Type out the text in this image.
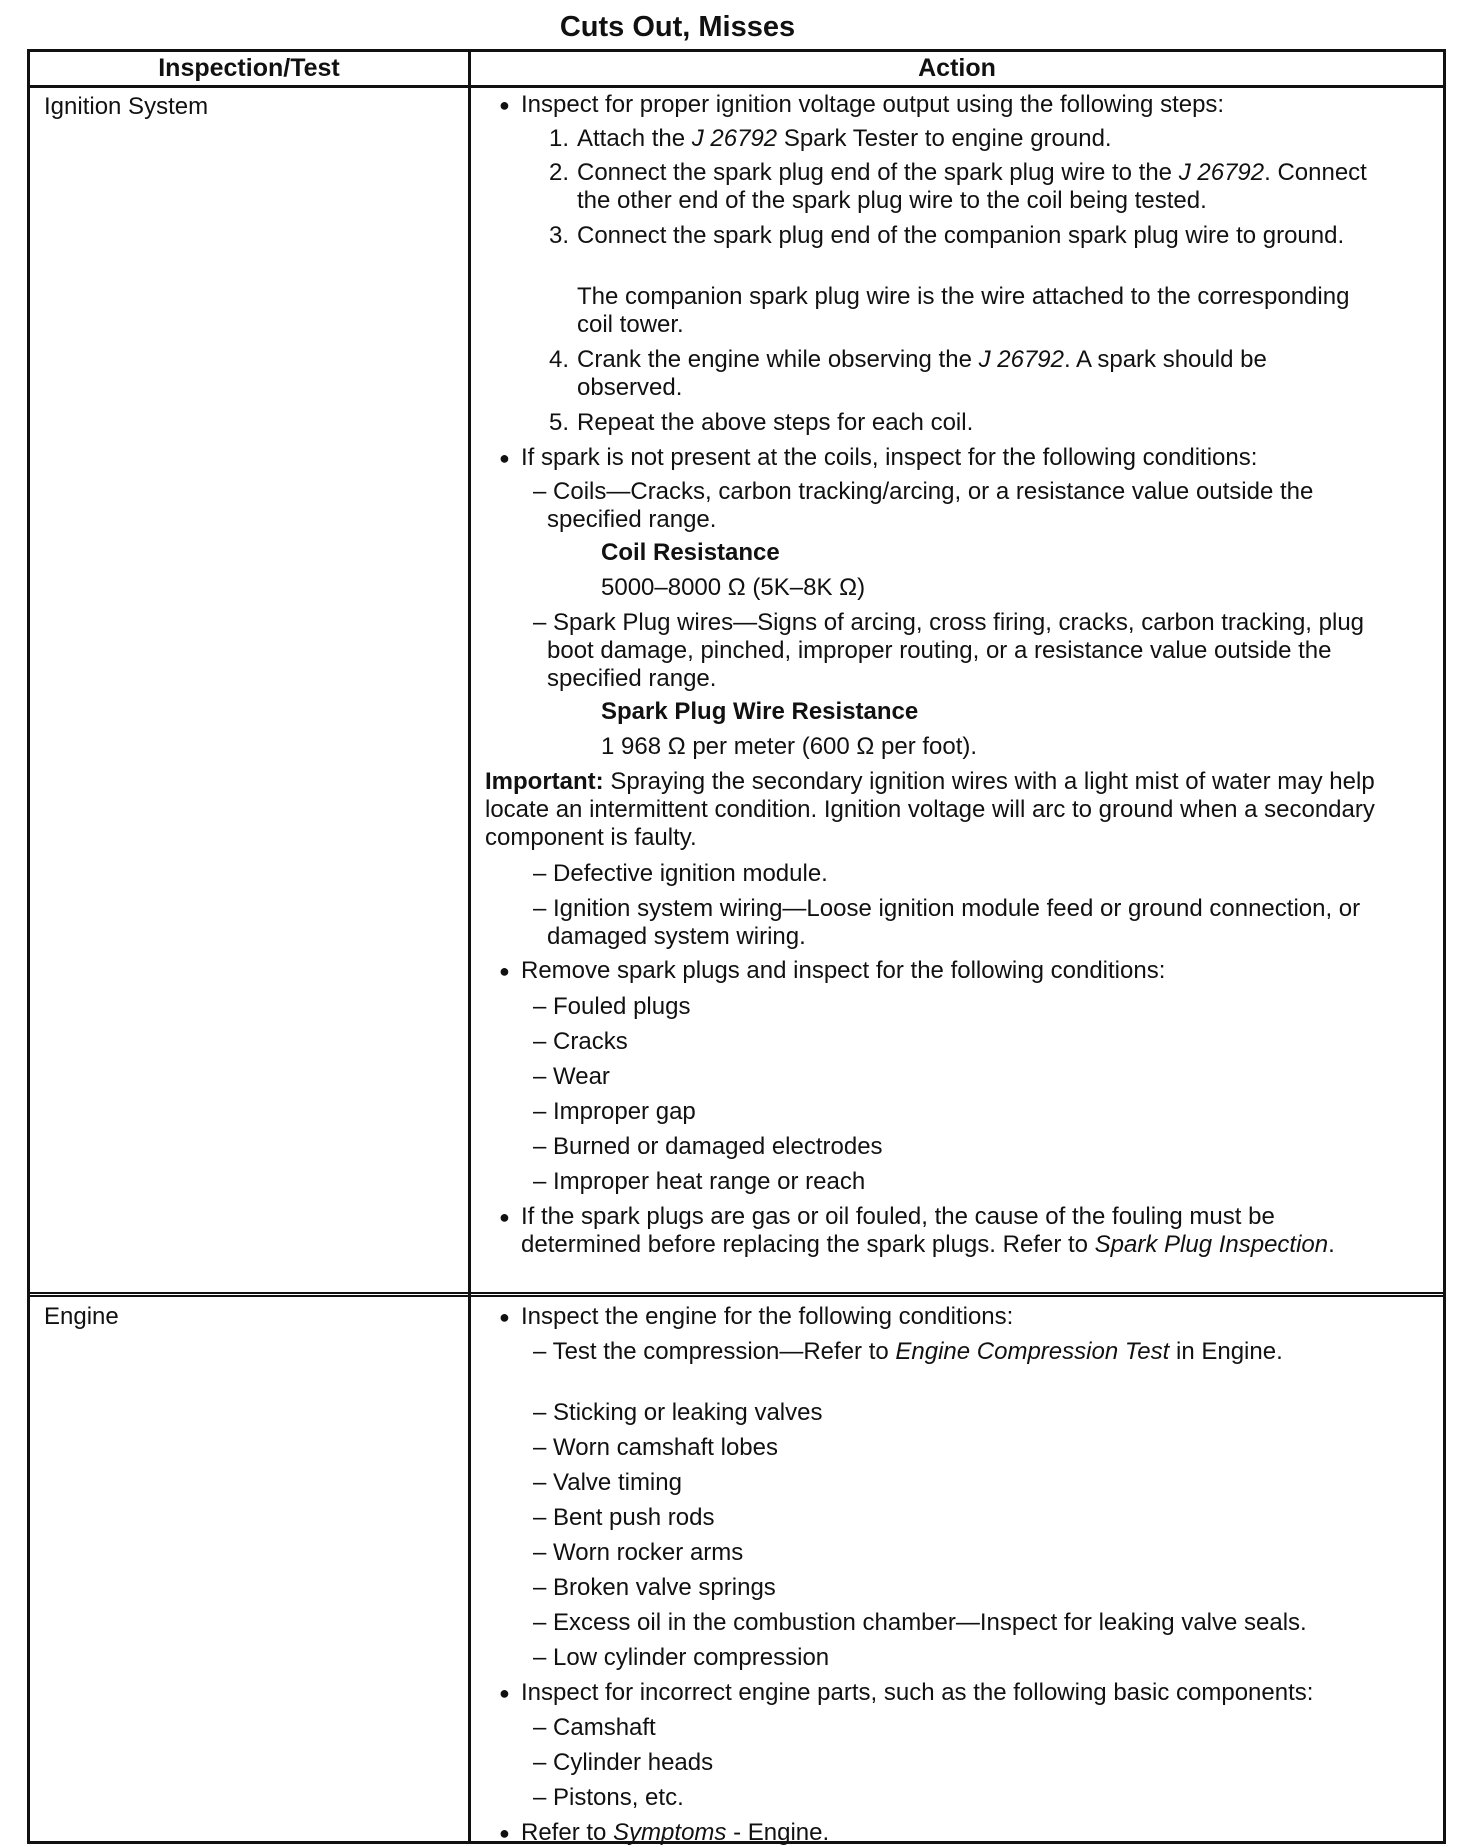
Cuts Out, Misses
Inspection/Test	Action
Ignition System	● Inspect for proper ignition voltage output using the following steps:
1. Attach the J 26792 Spark Tester to engine ground.
2. Connect the spark plug end of the spark plug wire to the J 26792. Connect
the other end of the spark plug wire to the coil being tested.
3. Connect the spark plug end of the companion spark plug wire to ground.
The companion spark plug wire is the wire attached to the corresponding
coil tower.
4. Crank the engine while observing the J 26792. A spark should be
observed.
5. Repeat the above steps for each coil.
● If spark is not present at the coils, inspect for the following conditions:
– Coils—Cracks, carbon tracking/arcing, or a resistance value outside the
specified range.
Coil Resistance
5000–8000 Ω (5K–8K Ω)
– Spark Plug wires—Signs of arcing, cross firing, cracks, carbon tracking, plug
boot damage, pinched, improper routing, or a resistance value outside the
specified range.
Spark Plug Wire Resistance
1 968 Ω per meter (600 Ω per foot).
Important: Spraying the secondary ignition wires with a light mist of water may help
locate an intermittent condition. Ignition voltage will arc to ground when a secondary
component is faulty.
– Defective ignition module.
– Ignition system wiring—Loose ignition module feed or ground connection, or
damaged system wiring.
● Remove spark plugs and inspect for the following conditions:
– Fouled plugs
– Cracks
– Wear
– Improper gap
– Burned or damaged electrodes
– Improper heat range or reach
● If the spark plugs are gas or oil fouled, the cause of the fouling must be
determined before replacing the spark plugs. Refer to Spark Plug Inspection.
Engine	● Inspect the engine for the following conditions:
– Test the compression—Refer to Engine Compression Test in Engine.
– Sticking or leaking valves
– Worn camshaft lobes
– Valve timing
– Bent push rods
– Worn rocker arms
– Broken valve springs
– Excess oil in the combustion chamber—Inspect for leaking valve seals.
– Low cylinder compression
● Inspect for incorrect engine parts, such as the following basic components:
– Camshaft
– Cylinder heads
– Pistons, etc.
● Refer to Symptoms - Engine.
